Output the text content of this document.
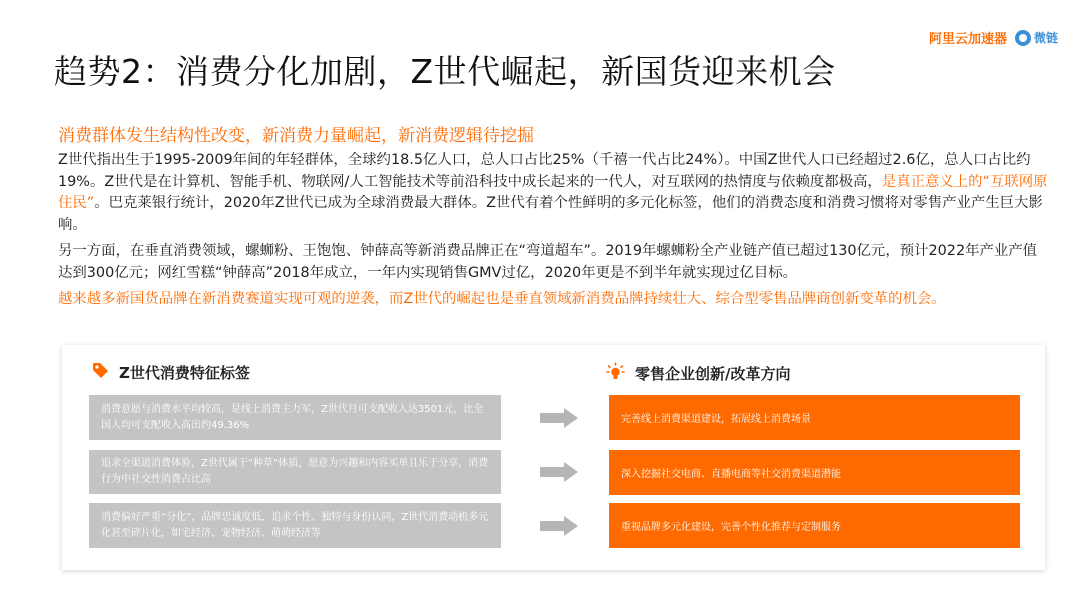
阿里云加速器 微链
趋势2：消费分化加剧，Z世代崛起，新国货迎来机会
消费群体发生结构性改变，新消费力量崛起，新消费逻辑待挖掘

Z世代指出生于1995-2009年间的年轻群体，全球约18.5亿人口，总人口占比25%（千禧一代占比24%）。中国Z世代人口已经超过2.6亿，总人口占比约19%。Z世代是在计算机、智能手机、物联网/人工智能技术等前沿科技中成长起来的一代人，对互联网的热情度与依赖度都极高，是真正意义上的“互联网原住民”。巴克莱银行统计，2020年Z世代已成为全球消费最大群体。Z世代有着个性鲜明的多元化标签，他们的消费态度和消费习惯将对零售产业产生巨大影响。

另一方面，在垂直消费领域，螺蛳粉、王饱饱、钟薛高等新消费品牌正在“弯道超车”。2019年螺蛳粉全产业链产值已超过130亿元，预计2022年产业产值达到300亿元；网红雪糕“钟薛高”2018年成立，一年内实现销售GMV过亿，2020年更是不到半年就实现过亿目标。

越来越多新国货品牌在新消费赛道实现可观的逆袭，而Z世代的崛起也是垂直领域新消费品牌持续壮大、综合型零售品牌商创新变革的机会。

Z世代消费特征标签	零售企业创新/改革方向
消费意愿与消费水平均较高，是线上消费主力军，Z世代月可支配收入达3501元，比全国人均可支配收入高出约49.36%
追求全渠道消费体验，Z世代属于“种草”体质，愿意为兴趣和内容买单且乐于分享，消费行为中社交性消费占比高
消费偏好严重“分化”，品牌忠诚度低，追求个性、独特与身份认同，Z世代消费动机多元化甚至碎片化，如宅经济、宠物经济、萌萌经济等
完善线上消费渠道建设，拓展线上消费场景
深入挖掘社交电商、直播电商等社交消费渠道潜能
重视品牌多元化建设，完善个性化推荐与定制服务
